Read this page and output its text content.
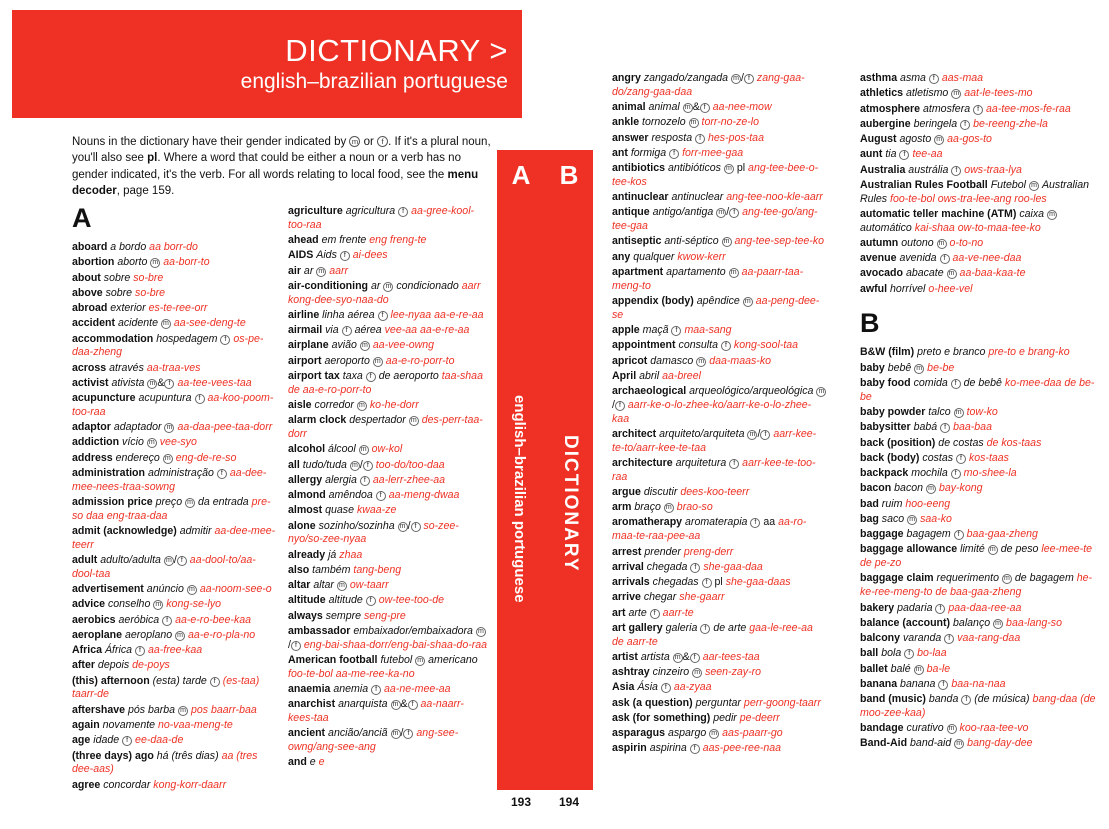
DICTIONARY >
english–brazilian portuguese
Nouns in the dictionary have their gender indicated by m or f . If it's a plural noun, you'll also see pl. Where a word that could be either a noun or a verb has no gender indicated, it's the verb. For all words relating to local food, see the menu decoder, page 159.
A	B
english–brazilian portuguese DICTIONARY
193	194
A
aboard a bordo aa borr-do
abortion aborto m aa-borr-to
about sobre so-bre
above sobre so-bre
abroad exterior es-te-ree-orr
accident acidente m aa-see-deng-te
accommodation hospedagem f os-pe-daa-zheng
across através aa-traa-ves
activist ativista m & f aa-tee-vees-taa
acupuncture acupuntura f aa-koo-poom-too-raa
adaptor adaptador m aa-daa-pee-taa-dorr
addiction vício m vee-syo
address endereço m eng-de-re-so
administration administração f aa-dee-mee-nees-traa-sowng
admission price preço m da entrada pre-so daa eng-traa-daa
admit (acknowledge) admitir aa-dee-mee-teerr
adult adulto/adulta m / f aa-dool-to/aa-dool-taa
advertisement anúncio m aa-noom-see-o
advice conselho m kong-se-lyo
aerobics aeróbica f aa-e-ro-bee-kaa
aeroplane aeroplano m aa-e-ro-pla-no
Africa África f aa-free-kaa
after depois de-poys
(this) afternoon (esta) tarde f (es-taa) taarr-de
aftershave pós barba m pos baarr-baa
again novamente no-vaa-meng-te
age idade f ee-daa-de
(three days) ago há (três dias) aa (tres dee-aas)
agree concordar kong-korr-daarr
agriculture agricultura f aa-gree-kool-too-raa
ahead em frente eng freng-te
AIDS Aids f ai-dees
air ar m aarr
air-conditioning ar m condicionado aarr kong-dee-syo-naa-do
airline linha aérea f lee-nyaa aa-e-re-aa
airmail via f aérea vee-aa aa-e-re-aa
airplane avião m aa-vee-owng
airport aeroporto m aa-e-ro-porr-to
airport tax taxa f de aeroporto taa-shaa de aa-e-ro-porr-to
aisle corredor m ko-he-dorr
alarm clock despertador m des-perr-taa-dorr
alcohol álcool m ow-kol
all tudo/tuda m / f too-do/too-daa
allergy alergia f aa-lerr-zhee-aa
almond amêndoa f aa-meng-dwaa
almost quase kwaa-ze
alone sozinho/sozinha m / f so-zee-nyo/so-zee-nyaa
already já zhaa
also também tang-beng
altar altar m ow-taarr
altitude altitude f ow-tee-too-de
always sempre seng-pre
ambassador embaixador/embaixadora m/ f eng-bai-shaa-dorr/eng-bai-shaa-do-raa
American football futebol m americano foo-te-bol aa-me-ree-ka-no
anaemia anemia f aa-ne-mee-aa
anarchist anarquista m & f aa-naarr-kees-taa
ancient ancião/anciã m / f ang-see-owng/ang-see-ang
and e e
angry zangado/zangada m / f zang-gaa-do/zang-gaa-daa
animal animal m & f aa-nee-mow
ankle tornozelo m torr-no-ze-lo
answer resposta f hes-pos-taa
ant formiga f forr-mee-gaa
antibiotics antibióticos m pl ang-tee-bee-o-tee-kos
antinuclear antinuclear ang-tee-noo-kle-aarr
antique antigo/antiga m / f ang-tee-go/ang-tee-gaa
antiseptic anti-séptico m ang-tee-sep-tee-ko
any qualquer kwow-kerr
apartment apartamento m aa-paarr-taa-meng-to
appendix (body) apêndice m aa-peng-dee-se
apple maçã f maa-sang
appointment consulta f kong-sool-taa
apricot damasco m daa-maas-ko
April abril aa-breel
archaeological arqueológico/arqueológica m/ f aarr-ke-o-lo-zhee-ko/aarr-ke-o-lo-zhee-kaa
architect arquiteto/arquiteta m / f aarr-kee-te-to/aarr-kee-te-taa
architecture arquitetura f aarr-kee-te-too-raa
argue discutir dees-koo-teerr
arm braço m brao-so
aromatherapy aromaterapia f aa aa-ro-maa-te-raa-pee-aa
arrest prender preng-derr
arrival chegada f she-gaa-daa
arrivals chegadas f pl she-gaa-daas
arrive chegar she-gaarr
art arte f aarr-te
art gallery galeria f de arte gaa-le-ree-aa de aarr-te
artist artista m & f aar-tees-taa
ashtray cinzeiro m seen-zay-ro
Asia Ásia f aa-zyaa
ask (a question) perguntar perr-goong-taarr
ask (for something) pedir pe-deerr
asparagus aspargo m aas-paarr-go
aspirin aspirina f aas-pee-ree-naa
asthma asma f aas-maa
athletics atletismo m aat-le-tees-mo
atmosphere atmosfera f aa-tee-mos-fe-raa
aubergine beringela f be-reeng-zhe-la
August agosto m aa-gos-to
aunt tia f tee-aa
Australia austrália f ows-traa-lya
Australian Rules Football Futebol m Australian Rules foo-te-bol ows-tra-lee-ang roo-les
automatic teller machine (ATM) caixa m automático kai-shaa ow-to-maa-tee-ko
autumn outono m o-to-no
avenue avenida f aa-ve-nee-daa
avocado abacate m aa-baa-kaa-te
awful horrível o-hee-vel
B
B&W (film) preto e branco pre-to e brang-ko
baby bebê m be-be
baby food comida f de bebê ko-mee-daa de be-be
baby powder talco m tow-ko
babysitter babá f baa-baa
back (position) de costas de kos-taas
back (body) costas f kos-taas
backpack mochila f mo-shee-la
bacon bacon m bay-kong
bad ruim hoo-eeng
bag saco m saa-ko
baggage bagagem f baa-gaa-zheng
baggage allowance limité m de peso lee-mee-te de pe-zo
baggage claim requerimento m de bagagem he-ke-ree-meng-to de baa-gaa-zheng
bakery padaria f paa-daa-ree-aa
balance (account) balanço m baa-lang-so
balcony varanda f vaa-rang-daa
ball bola f bo-laa
ballet balé m ba-le
banana banana f baa-na-naa
band (music) banda f (de música) bang-daa (de moo-zee-kaa)
bandage curativo m koo-raa-tee-vo
Band-Aid band-aid m bang-day-dee
